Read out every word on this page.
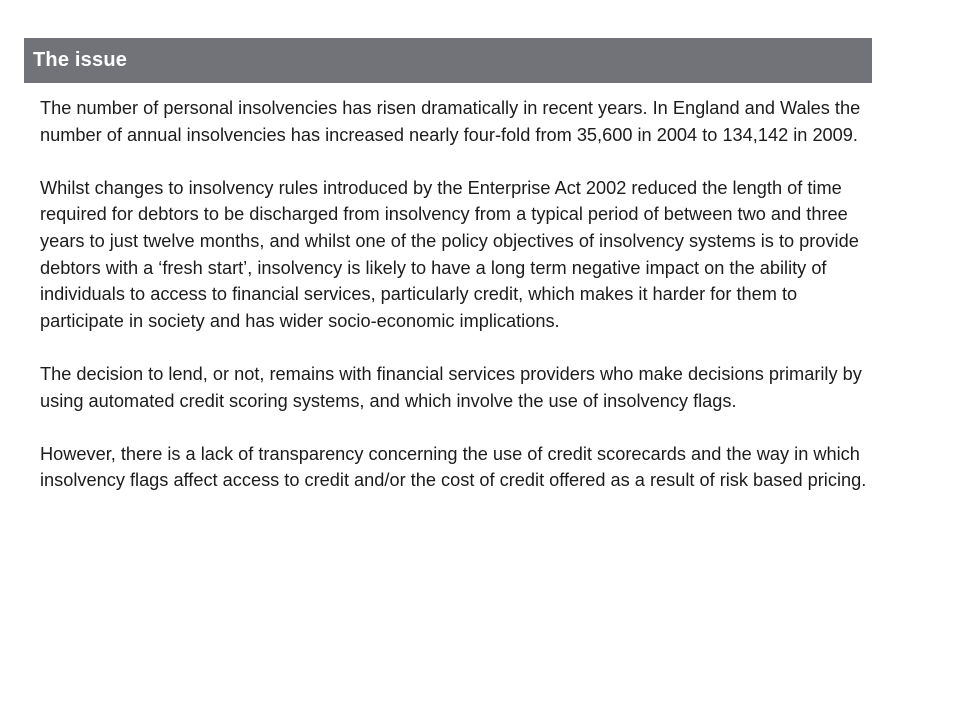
The issue

The number of personal insolvencies has risen dramatically in recent years. In England and Wales the number of annual insolvencies has increased nearly four-fold from 35,600 in 2004 to 134,142 in 2009.

Whilst changes to insolvency rules introduced by the Enterprise Act 2002 reduced the length of time required for debtors to be discharged from insolvency from a typical period of between two and three years to just twelve months, and whilst one of the policy objectives of insolvency systems is to provide debtors with a ‘fresh start’, insolvency is likely to have a long term negative impact on the ability of individuals to access to financial services, particularly credit, which makes it harder for them to participate in society and has wider socio-economic implications.

The decision to lend, or not, remains with financial services providers who make decisions primarily by using automated credit scoring systems, and which involve the use of insolvency flags.

However, there is a lack of transparency concerning the use of credit scorecards and the way in which insolvency flags affect access to credit and/or the cost of credit offered as a result of risk based pricing.
